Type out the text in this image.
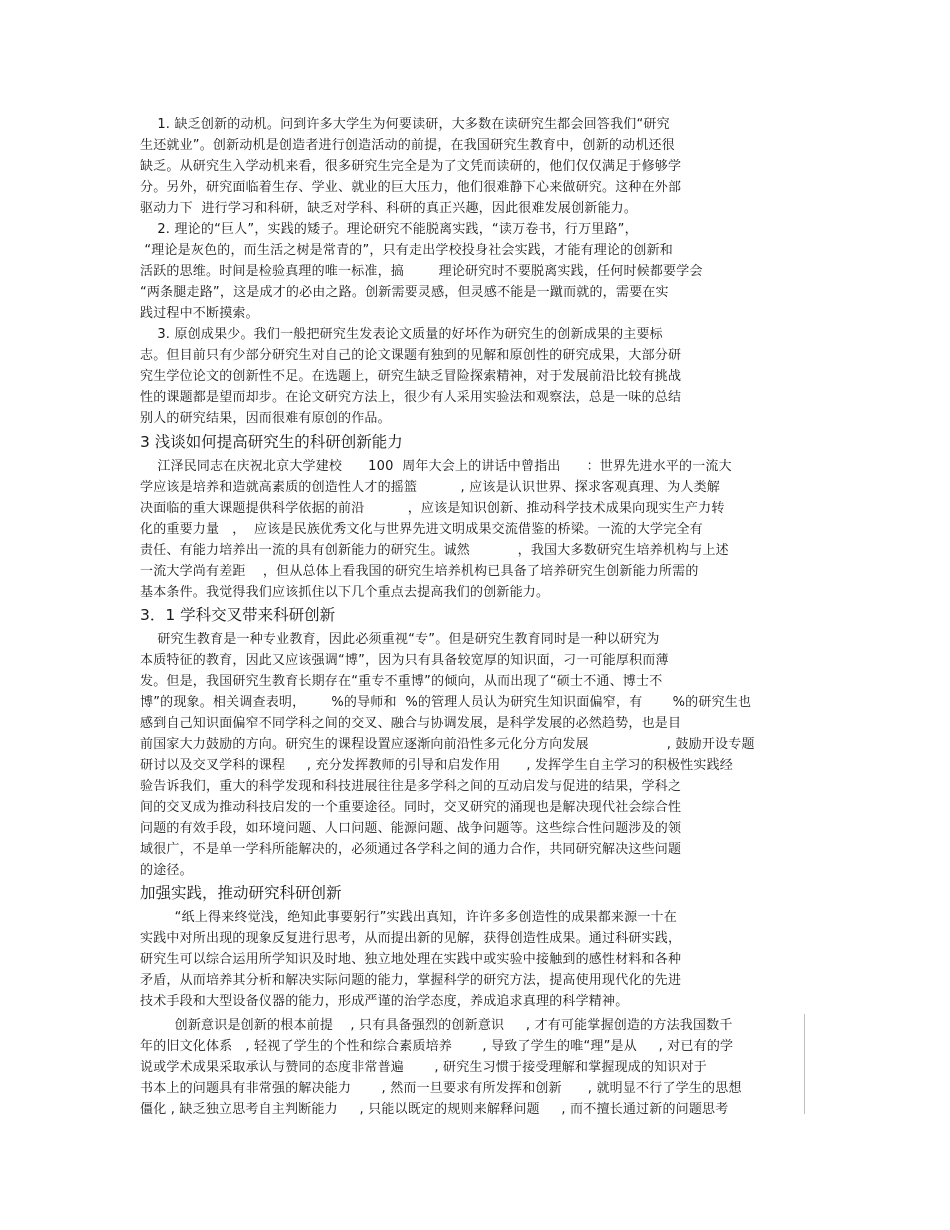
1. 缺乏创新的动机。问到许多大学生为何要读研，大多数在读研究生都会回答我们“研究
生还就业”。创新动机是创造者进行创造活动的前提，在我国研究生教育中，创新的动机还很
缺乏。从研究生入学动机来看，很多研究生完全是为了文凭而读研的，他们仅仅满足于修够学
分。另外，研究面临着生存、学业、就业的巨大压力，他们很难静下心来做研究。这种在外部
驱动力下  进行学习和科研，缺乏对学科、科研的真正兴趣，因此很难发展创新能力。
2. 理论的“巨人”，实践的矮子。理论研究不能脱离实践，“读万卷书，行万里路”，
“理论是灰色的，而生活之树是常青的”，只有走出学校投身社会实践，才能有理论的创新和
活跃的思维。时间是检验真理的唯一标准，搞        理论研究时不要脱离实践，任何时候都要学会
“两条腿走路”，这是成才的必由之路。创新需要灵感，但灵感不能是一蹴而就的，需要在实
践过程中不断摸索。
3. 原创成果少。我们一般把研究生发表论文质量的好坏作为研究生的创新成果的主要标
志。但目前只有少部分研究生对自己的论文课题有独到的见解和原创性的研究成果，大部分研
究生学位论文的创新性不足。在选题上，研究生缺乏冒险探索精神，对于发展前沿比较有挑战
性的课题都是望而却步。在论文研究方法上，很少有人采用实验法和观察法，总是一味的总结
别人的研究结果，因而很难有原创的作品。
3 浅谈如何提高研究生的科研创新能力
江泽民同志在庆祝北京大学建校      100  周年大会上的讲话中曾指出      ：世界先进水平的一流大
学应该是培养和造就高素质的创造性人才的摇篮          , 应该是认识世界、探求客观真理、为人类解
决面临的重大课题提供科学依据的前沿          ，应该是知识创新、推动科学技术成果向现实生产力转
化的重要力量   ，  应该是民族优秀文化与世界先进文明成果交流借鉴的桥梁。一流的大学完全有
责任、有能力培养出一流的具有创新能力的研究生。诚然           ，我国大多数研究生培养机构与上述
一流大学尚有差距    ，但从总体上看我国的研究生培养机构已具备了培养研究生创新能力所需的
基本条件。我觉得我们应该抓住以下几个重点去提高我们的创新能力。
3．1 学科交叉带来科研创新
研究生教育是一种专业教育，因此必须重视“专”。但是研究生教育同时是一种以研究为
本质特征的教育，因此又应该强调“博”，因为只有具备较宽厚的知识面，刁一可能厚积而薄
发。但是，我国研究生教育长期存在“重专不重博”的倾向，从而出现了“硕士不通、博士不
博”的现象。相关调查表明，      %的导师和  %的管理人员认为研究生知识面偏窄，有       %的研究生也
感到自己知识面偏窄不同学科之间的交叉、融合与协调发展，是科学发展的必然趋势，也是目
前国家大力鼓励的方向。研究生的课程设置应逐渐向前沿性多元化分方向发展                  , 鼓励开设专题
研讨以及交叉学科的课程     , 充分发挥教师的引导和启发作用      , 发挥学生自主学习的积极性实践经
验告诉我们，重大的科学发现和科技进展往往是多学科之间的互动启发与促进的结果，学科之
间的交叉成为推动科技启发的一个重要途径。同时，交叉研究的涌现也是解决现代社会综合性
问题的有效手段，如环境问题、人口问题、能源问题、战争问题等。这些综合性问题涉及的领
域很广，不是单一学科所能解决的，必须通过各学科之间的通力合作，共同研究解决这些问题
的途径。
加强实践，推动研究科研创新
“纸上得来终觉浅，绝知此事要躬行”实践出真知，许许多多创造性的成果都来源一十在
实践中对所出现的现象反复进行思考，从而提出新的见解，获得创造性成果。通过科研实践，
研究生可以综合运用所学知识及时地、独立地处理在实践中或实验中接触到的感性材料和各种
矛盾，从而培养其分析和解决实际问题的能力，掌握科学的研究方法，提高使用现代化的先进
技术手段和大型设备仪器的能力，形成严谨的治学态度，养成追求真理的科学精神。
创新意识是创新的根本前提    , 只有具备强烈的创新意识     , 才有可能掌握创造的方法我国数千
年的旧文化体系   , 轻视了学生的个性和综合素质培养       , 导致了学生的唯“理”是从     , 对已有的学
说或学术成果采取承认与赞同的态度非常普遍       , 研究生习惯于接受理解和掌握现成的知识对于
书本上的问题具有非常强的解决能力       , 然而一旦要求有所发挥和创新      , 就明显不行了学生的思想
僵化 , 缺乏独立思考自主判断能力     , 只能以既定的规则来解释问题     , 而不擅长通过新的问题思考
